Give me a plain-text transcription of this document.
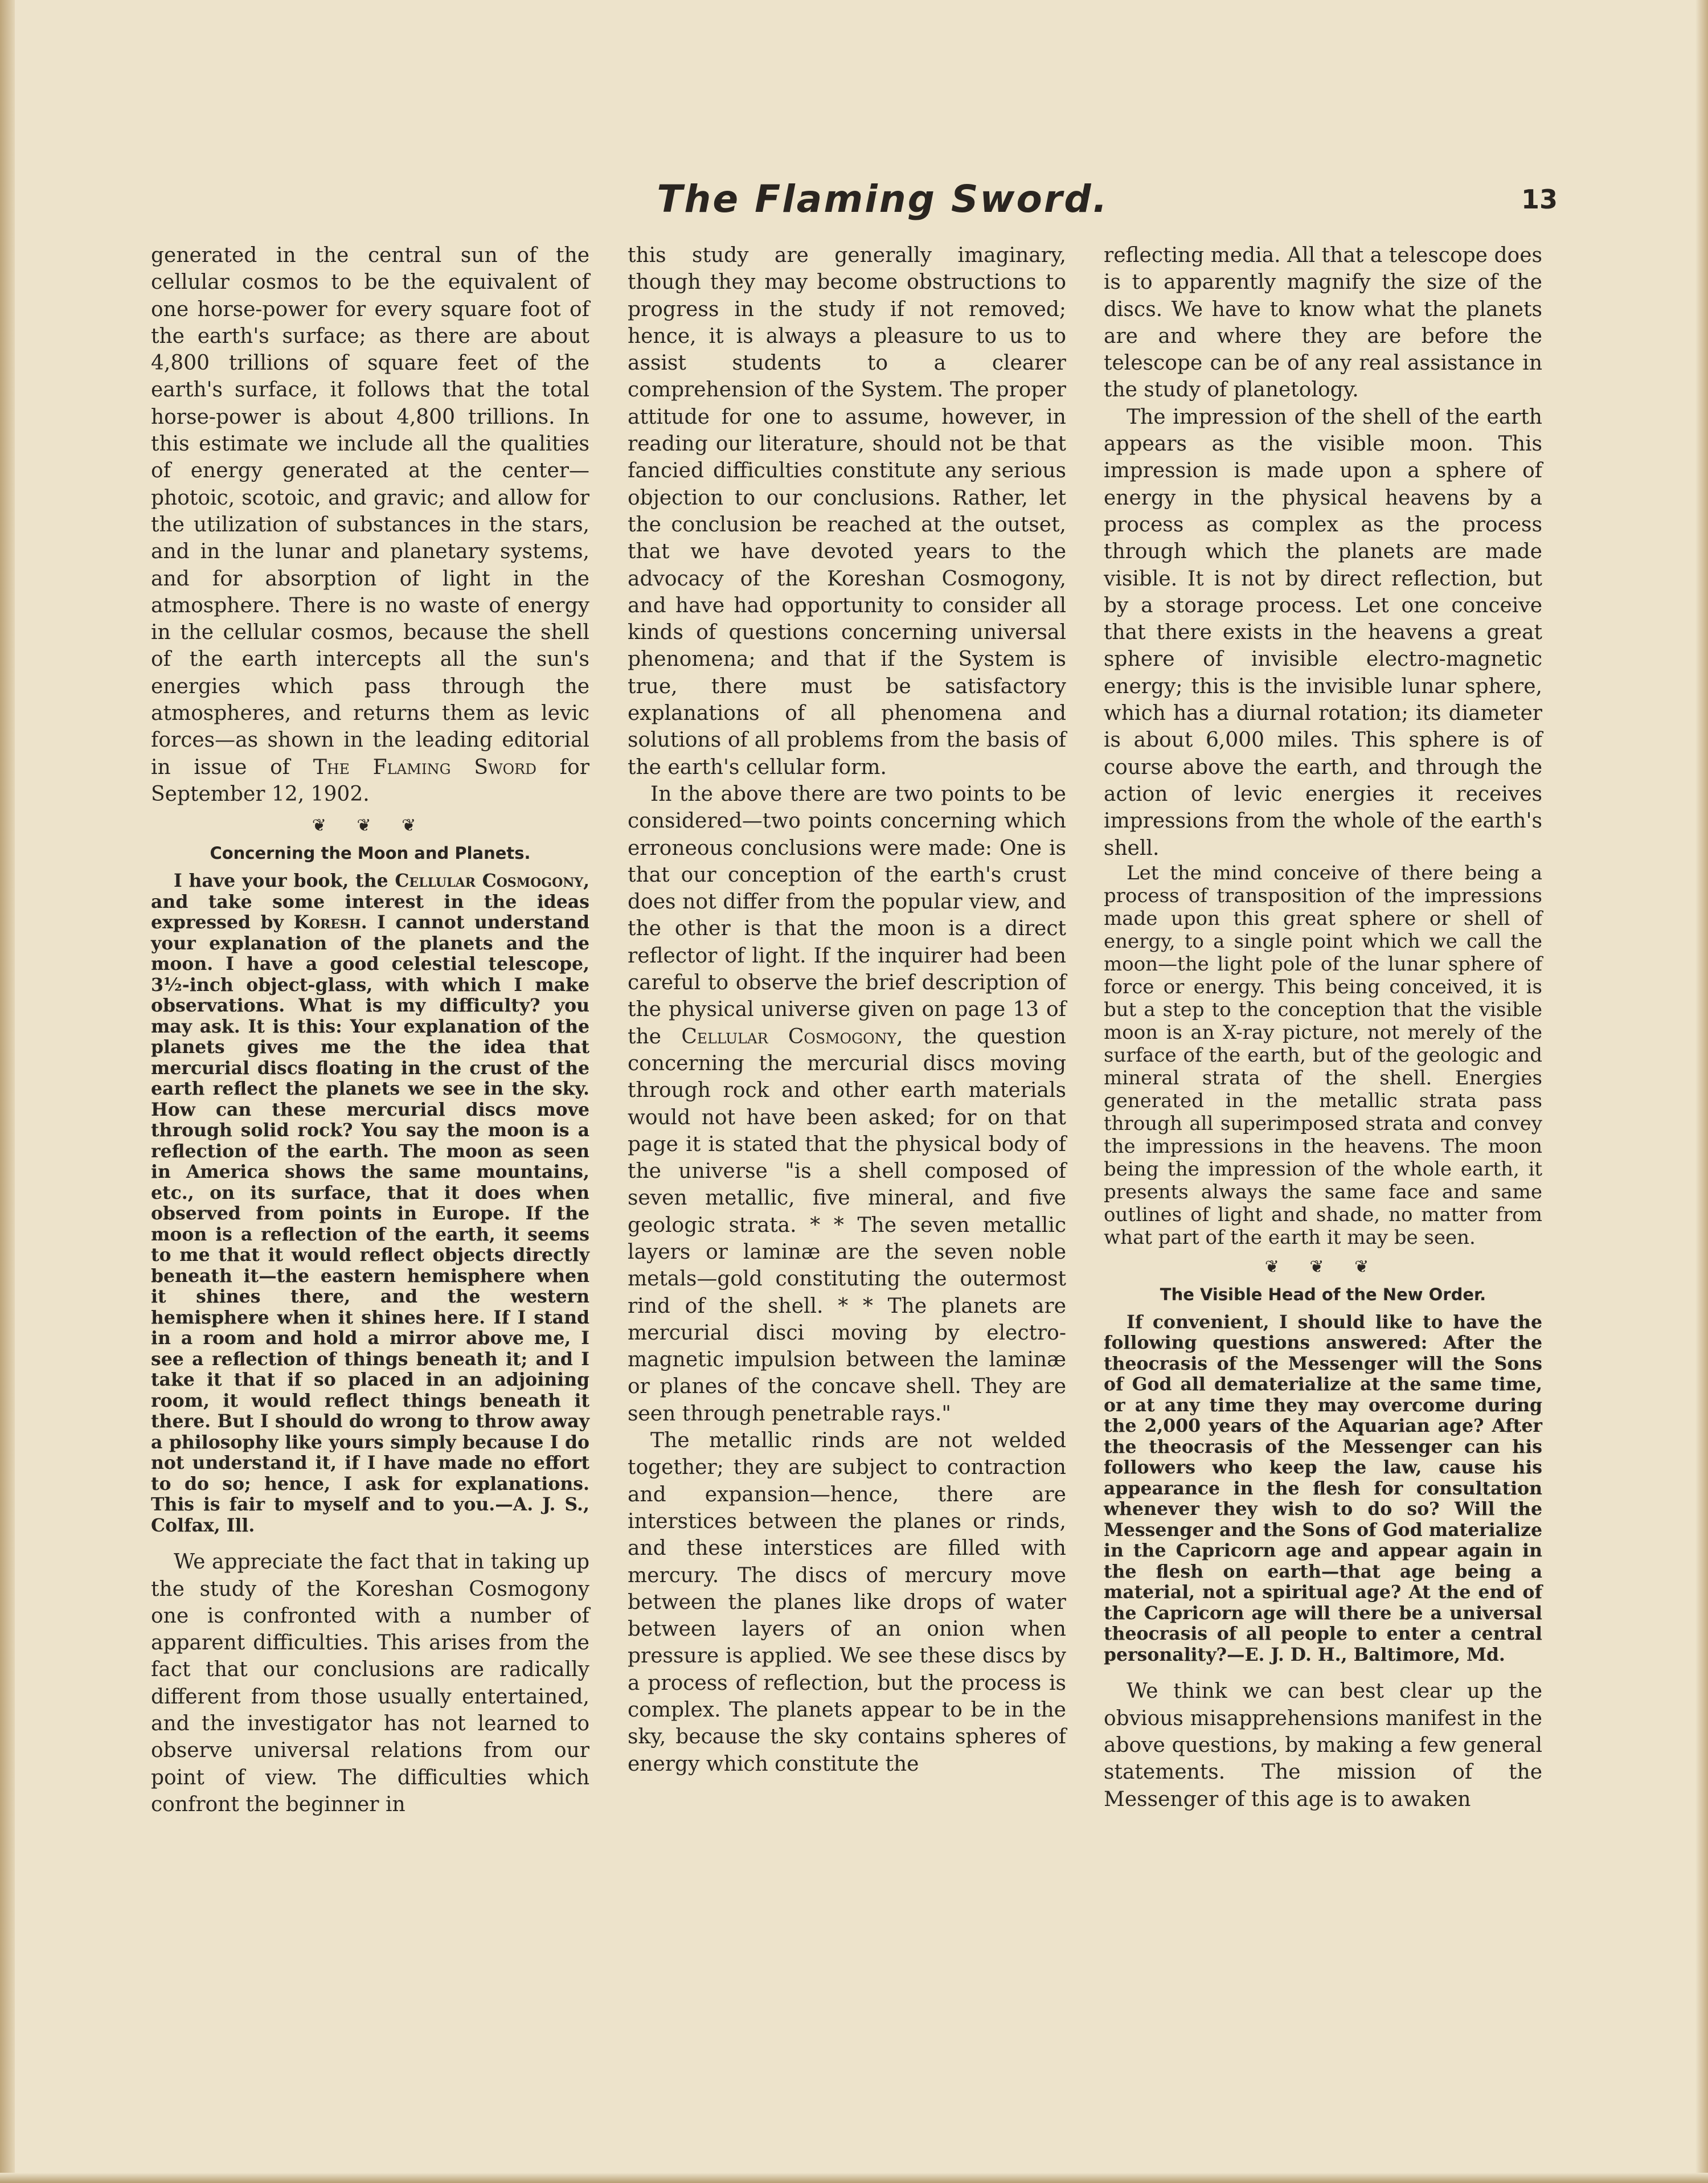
The Flaming Sword.	13

generated in the central sun of the cellular cosmos to be the equivalent of one horse-power for every square foot of the earth's surface; as there are about 4,800 trillions of square feet of the earth's surface, it follows that the total horse-power is about 4,800 trillions. In this estimate we include all the qualities of energy generated at the center—photoic, scotoic, and gravic; and allow for the utilization of substances in the stars, and in the lunar and planetary systems, and for absorption of light in the atmosphere. There is no waste of energy in the cellular cosmos, because the shell of the earth intercepts all the sun's energies which pass through the atmospheres, and returns them as levic forces—as shown in the leading editorial in issue of The Flaming Sword for September 12, 1902.

❦ ❦ ❦
Concerning the Moon and Planets.

I have your book, the Cellular Cosmogony, and take some interest in the ideas expressed by Koresh. I cannot understand your explanation of the planets and the moon. I have a good celestial telescope, 3½-inch object-glass, with which I make observations. What is my difficulty? you may ask. It is this: Your explanation of the planets gives me the the idea that mercurial discs floating in the crust of the earth reflect the planets we see in the sky. How can these mercurial discs move through solid rock? You say the moon is a reflection of the earth. The moon as seen in America shows the same mountains, etc., on its surface, that it does when observed from points in Europe. If the moon is a reflection of the earth, it seems to me that it would reflect objects directly beneath it—the eastern hemisphere when it shines there, and the western hemisphere when it shines here. If I stand in a room and hold a mirror above me, I see a reflection of things beneath it; and I take it that if so placed in an adjoining room, it would reflect things beneath it there. But I should do wrong to throw away a philosophy like yours simply because I do not understand it, if I have made no effort to do so; hence, I ask for explanations. This is fair to myself and to you.—A. J. S., Colfax, Ill.

We appreciate the fact that in taking up the study of the Koreshan Cosmogony one is confronted with a number of apparent difficulties. This arises from the fact that our conclusions are radically different from those usually entertained, and the investigator has not learned to observe universal relations from our point of view. The difficulties which confront the beginner in

this study are generally imaginary, though they may become obstructions to progress in the study if not removed; hence, it is always a pleasure to us to assist students to a clearer comprehension of the System. The proper attitude for one to assume, however, in reading our literature, should not be that fancied difficulties constitute any serious objection to our conclusions. Rather, let the conclusion be reached at the outset, that we have devoted years to the advocacy of the Koreshan Cosmogony, and have had opportunity to consider all kinds of questions concerning universal phenomena; and that if the System is true, there must be satisfactory explanations of all phenomena and solutions of all problems from the basis of the earth's cellular form.

In the above there are two points to be considered—two points concerning which erroneous conclusions were made: One is that our conception of the earth's crust does not differ from the popular view, and the other is that the moon is a direct reflector of light. If the inquirer had been careful to observe the brief description of the physical universe given on page 13 of the Cellular Cosmogony, the question concerning the mercurial discs moving through rock and other earth materials would not have been asked; for on that page it is stated that the physical body of the universe "is a shell composed of seven metallic, five mineral, and five geologic strata. * * The seven metallic layers or laminæ are the seven noble metals—gold constituting the outermost rind of the shell. * * The planets are mercurial disci moving by electro-magnetic impulsion between the laminæ or planes of the concave shell. They are seen through penetrable rays."

The metallic rinds are not welded together; they are subject to contraction and expansion—hence, there are interstices between the planes or rinds, and these interstices are filled with mercury. The discs of mercury move between the planes like drops of water between layers of an onion when pressure is applied. We see these discs by a process of reflection, but the process is complex. The planets appear to be in the sky, because the sky contains spheres of energy which constitute the

reflecting media. All that a telescope does is to apparently magnify the size of the discs. We have to know what the planets are and where they are before the telescope can be of any real assistance in the study of planetology.

The impression of the shell of the earth appears as the visible moon. This impression is made upon a sphere of energy in the physical heavens by a process as complex as the process through which the planets are made visible. It is not by direct reflection, but by a storage process. Let one conceive that there exists in the heavens a great sphere of invisible electro-magnetic energy; this is the invisible lunar sphere, which has a diurnal rotation; its diameter is about 6,000 miles. This sphere is of course above the earth, and through the action of levic energies it receives impressions from the whole of the earth's shell.

Let the mind conceive of there being a process of transposition of the impressions made upon this great sphere or shell of energy, to a single point which we call the moon—the light pole of the lunar sphere of force or energy. This being conceived, it is but a step to the conception that the visible moon is an X-ray picture, not merely of the surface of the earth, but of the geologic and mineral strata of the shell. Energies generated in the metallic strata pass through all superimposed strata and convey the impressions in the heavens. The moon being the impression of the whole earth, it presents always the same face and same outlines of light and shade, no matter from what part of the earth it may be seen.

❦ ❦ ❦
The Visible Head of the New Order.

If convenient, I should like to have the following questions answered: After the theocrasis of the Messenger will the Sons of God all dematerialize at the same time, or at any time they may overcome during the 2,000 years of the Aquarian age? After the theocrasis of the Messenger can his followers who keep the law, cause his appearance in the flesh for consultation whenever they wish to do so? Will the Messenger and the Sons of God materialize in the Capricorn age and appear again in the flesh on earth—that age being a material, not a spiritual age? At the end of the Capricorn age will there be a universal theocrasis of all people to enter a central personality?—E. J. D. H., Baltimore, Md.

We think we can best clear up the obvious misapprehensions manifest in the above questions, by making a few general statements. The mission of the Messenger of this age is to awaken
